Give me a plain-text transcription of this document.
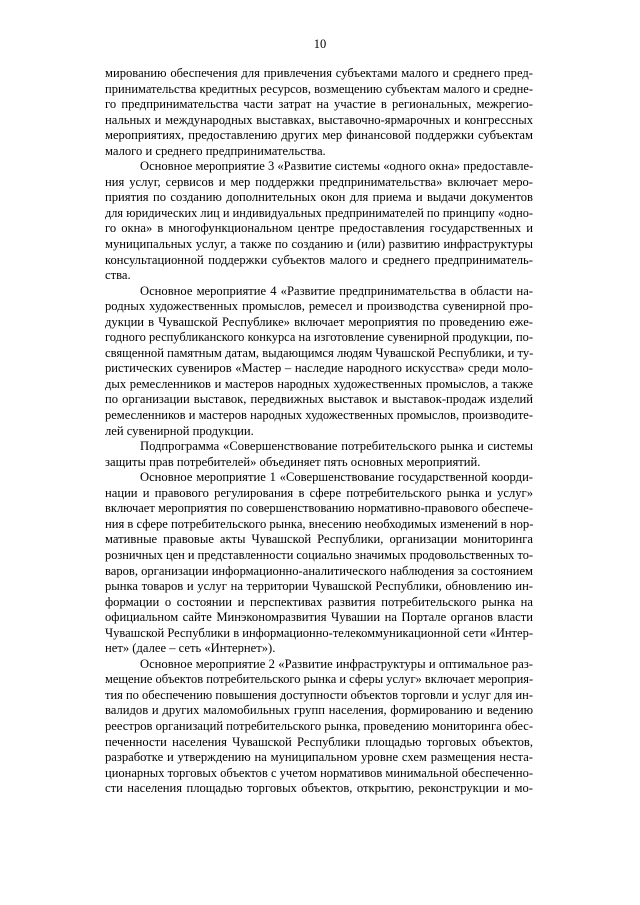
10
мированию обеспечения для привлечения субъектами малого и среднего пред-
принимательства кредитных ресурсов, возмещению субъектам малого и средне-
го предпринимательства части затрат на участие в региональных, межрегио-
нальных и международных выставках, выставочно-ярмарочных и конгрессных
мероприятиях, предоставлению других мер финансовой поддержки субъектам
малого и среднего предпринимательства.
Основное мероприятие 3 «Развитие системы «одного окна» предоставле-
ния услуг, сервисов и мер поддержки предпринимательства» включает меро-
приятия по созданию дополнительных окон для приема и выдачи документов
для юридических лиц и индивидуальных предпринимателей по принципу «одно-
го окна» в многофункциональном центре предоставления государственных и
муниципальных услуг, а также по созданию и (или) развитию инфраструктуры
консультационной поддержки субъектов малого и среднего предприниматель-
ства.
Основное мероприятие 4 «Развитие предпринимательства в области на-
родных художественных промыслов, ремесел и производства сувенирной про-
дукции в Чувашской Республике» включает мероприятия по проведению еже-
годного республиканского конкурса на изготовление сувенирной продукции, по-
священной памятным датам, выдающимся людям Чувашской Республики, и ту-
ристических сувениров «Мастер – наследие народного искусства» среди моло-
дых ремесленников и мастеров народных художественных промыслов, а также
по организации выставок, передвижных выставок и выставок-продаж изделий
ремесленников и мастеров народных художественных промыслов, производите-
лей сувенирной продукции.
Подпрограмма «Совершенствование потребительского рынка и системы
защиты прав потребителей» объединяет пять основных мероприятий.
Основное мероприятие 1 «Совершенствование государственной коорди-
нации и правового регулирования в сфере потребительского рынка и услуг»
включает мероприятия по совершенствованию нормативно-правового обеспече-
ния в сфере потребительского рынка, внесению необходимых изменений в нор-
мативные правовые акты Чувашской Республики, организации мониторинга
розничных цен и представленности социально значимых продовольственных то-
варов, организации информационно-аналитического наблюдения за состоянием
рынка товаров и услуг на территории Чувашской Республики, обновлению ин-
формации о состоянии и перспективах развития потребительского рынка на
официальном сайте Минэкономразвития Чувашии на Портале органов власти
Чувашской Республики в информационно-телекоммуникационной сети «Интер-
нет» (далее – сеть «Интернет»).
Основное мероприятие 2 «Развитие инфраструктуры и оптимальное раз-
мещение объектов потребительского рынка и сферы услуг» включает мероприя-
тия по обеспечению повышения доступности объектов торговли и услуг для ин-
валидов и других маломобильных групп населения, формированию и ведению
реестров организаций потребительского рынка, проведению мониторинга обес-
печенности населения Чувашской Республики площадью торговых объектов,
разработке и утверждению на муниципальном уровне схем размещения неста-
ционарных торговых объектов с учетом нормативов минимальной обеспеченно-
сти населения площадью торговых объектов, открытию, реконструкции и мо-
